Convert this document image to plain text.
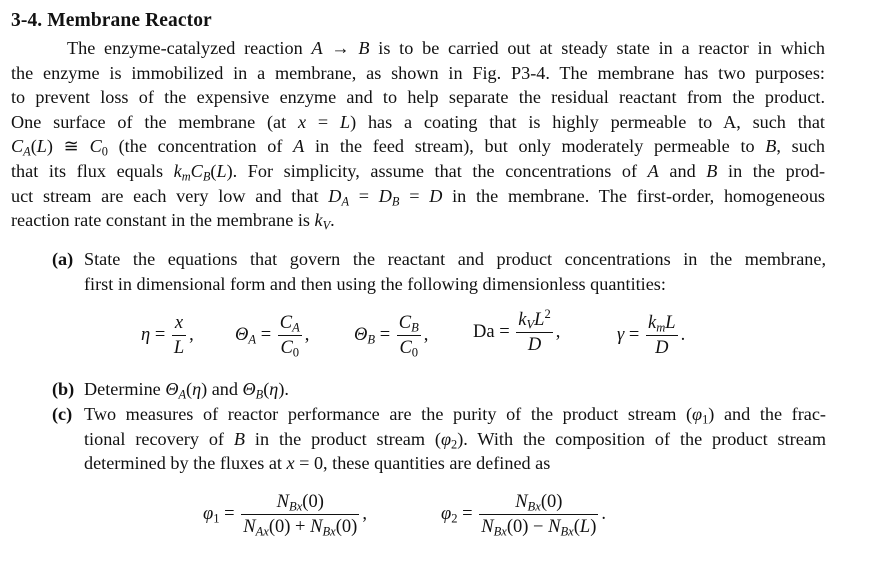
3-4. Membrane Reactor
The enzyme-catalyzed reaction A → B is to be carried out at steady state in a reactor in which
the enzyme is immobilized in a membrane, as shown in Fig. P3-4. The membrane has two purposes:
to prevent loss of the expensive enzyme and to help separate the residual reactant from the product.
One surface of the membrane (at x = L) has a coating that is highly permeable to A, such that
$C_A(L)$ ≅ $C_0$ (the concentration of A in the feed stream), but only moderately permeable to B, such
that its flux equals $k_mC_B(L)$. For simplicity, assume that the concentrations of A and B in the prod-
uct stream are each very low and that $D_A = D_B = D$ in the membrane. The first-order, homogeneous
reaction rate constant in the membrane is $k_V$.
(a) State the equations that govern the reactant and product concentrations in the membrane,
first in dimensional form and then using the following dimensionless quantities:
$\eta = \frac{x}{L}$ , $\Theta_A = \frac{C_A}{C_0}$ , $\Theta_B = \frac{C_B}{C_0}$ , $Da = \frac{k_VL^2}{D}$ ,	$\gamma = \frac{k_mL}{D}$ .
(b) Determine $\Theta_A(\eta)$ and $\Theta_B(\eta)$.
(c) Two measures of reactor performance are the purity of the product stream $(\varphi_1)$ and the frac-
tional recovery of B in the product stream $(\varphi_2)$. With the composition of the product stream
determined by the fluxes at x = 0, these quantities are defined as
$\varphi_1 = \frac{N_{Bx}(0)}{N_{Ax}(0) + N_{Bx}(0)}$ ,	$\varphi_2 = \frac{N_{Bx}(0)}{N_{Bx}(0) - N_{Bx}(L)}$ .
